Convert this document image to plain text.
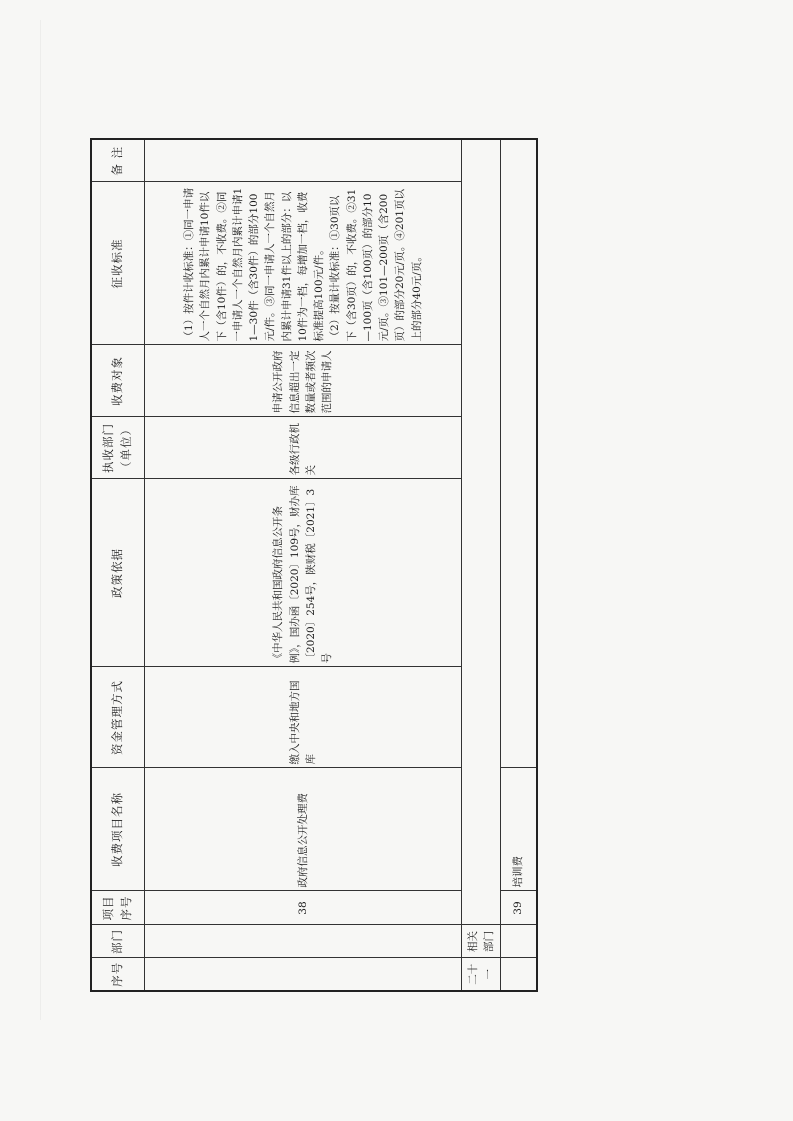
序号	部门	项目序号	收费项目名称	资金管理方式	政策依据	执收部门（单位）	收费对象	征收标准	备 注
		38	政府信息公开处理费	缴入中央和地方国库	《中华人民共和国政府信息公开条例》，国办函〔2020〕109号，财办库〔2020〕254号，陕财税〔2021〕3号	各级行政机关	申请公开政府信息超出一定数量或者频次范围的申请人	（1）按件计收标准：①同一申请人一个自然月内累计申请10件以下（含10件）的，不收费。②同一申请人一个自然月内累计申请11—30件（含30件）的部分100元/件。③同一申请人一个自然月内累计申请31件以上的部分：以10件为一档，每增加一档，收费标准提高100元/件。 （2）按量计收标准：①30页以下（含30页）的，不收费。②31—100页（含100页）的部分10元/页。③101—200页（含200页）的部分20元/页。④201页以上的部分40元/页。	

二十一	相关部门								
		39	培训费						
